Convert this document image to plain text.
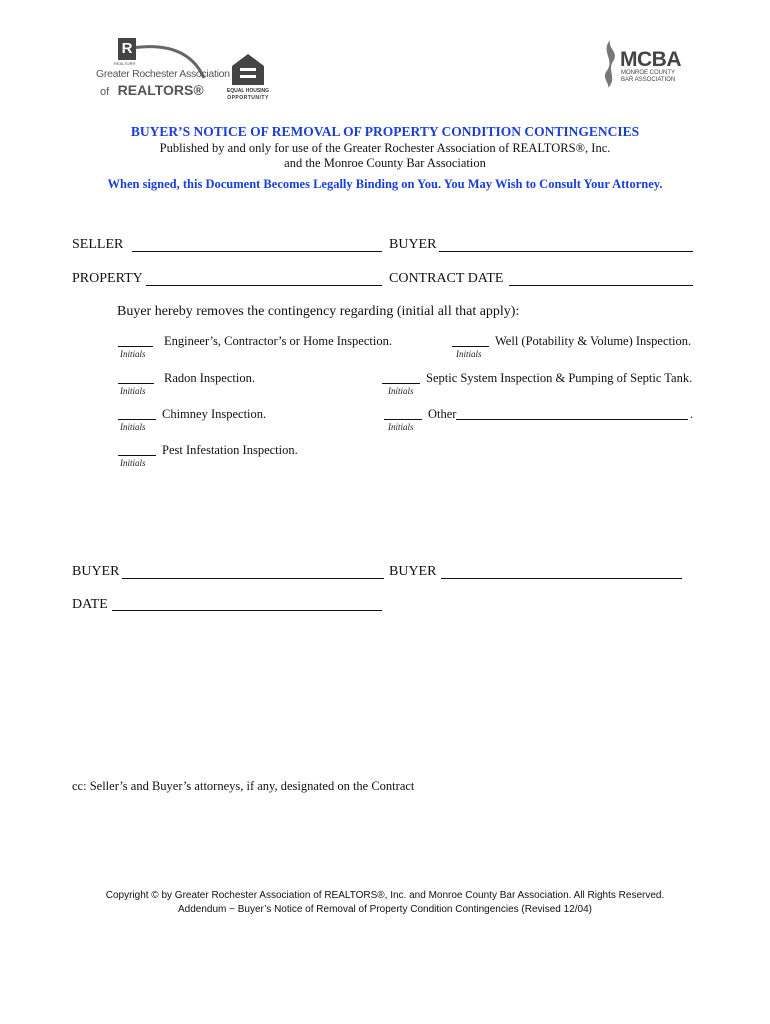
R
REALTOR®
Greater Rochester Association
of REALTORS®	EQUAL HOUSING
OPPORTUNITY
MCBA
MONROE COUNTY
BAR ASSOCIATION
BUYER’S NOTICE OF REMOVAL OF PROPERTY CONDITION CONTINGENCIES
Published by and only for use of the Greater Rochester Association of REALTORS®, Inc.
and the Monroe County Bar Association
When signed, this Document Becomes Legally Binding on You. You May Wish to Consult Your Attorney.
SELLER	BUYER
PROPERTY	CONTRACT DATE
Buyer hereby removes the contingency regarding (initial all that apply):
Initials
Engineer’s, Contractor’s or Home Inspection.
Initials
Well (Potability & Volume) Inspection.
Initials
Radon Inspection.
Initials
Septic System Inspection & Pumping of Septic Tank.
Initials
Chimney Inspection.
Initials
Other	.
Initials
Pest Infestation Inspection.
BUYER	BUYER
DATE
cc: Seller’s and Buyer’s attorneys, if any, designated on the Contract
Copyright © by Greater Rochester Association of REALTORS®, Inc. and Monroe County Bar Association. All Rights Reserved.
Addendum ~ Buyer’s Notice of Removal of Property Condition Contingencies (Revised 12/04)
